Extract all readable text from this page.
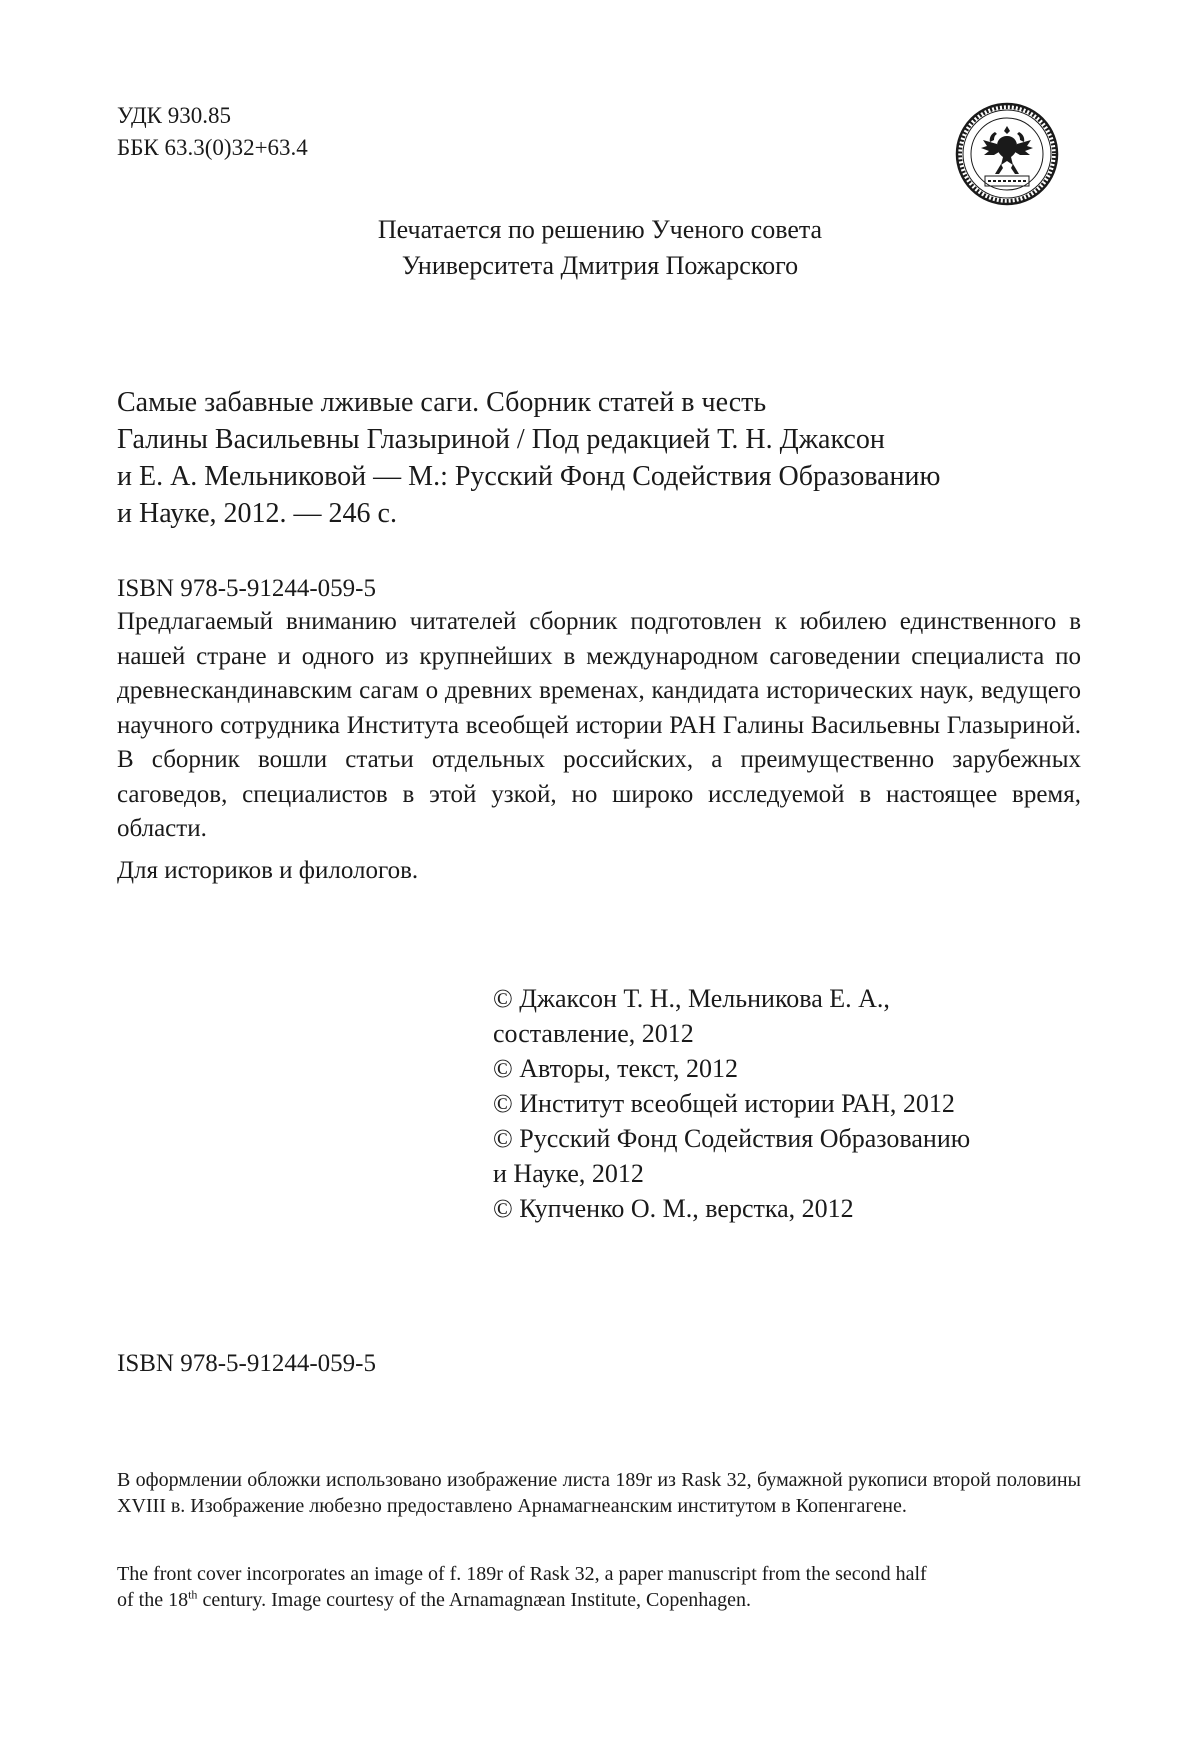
УДК 930.85
ББК 63.3(0)32+63.4
Печатается по решению Ученого совета
Университета Дмитрия Пожарского
Самые забавные лживые саги. Сборник статей в честь
Галины Васильевны Глазыриной / Под редакцией Т. Н. Джаксон
и Е. А. Мельниковой — М.: Русский Фонд Содействия Образованию
и Науке, 2012. — 246 с.
ISBN 978-5-91244-059-5
Предлагаемый вниманию читателей сборник подготовлен к юбилею единственного в нашей стране и одного из крупнейших в международном саговедении специалиста по древнескандинавским сагам о древних временах, кандидата исторических наук, ведущего научного сотрудника Института всеобщей истории РАН Галины Васильевны Глазыриной. В сборник вошли статьи отдельных российских, а преимущественно зарубежных саговедов, специалистов в этой узкой, но широко исследуемой в настоящее время, области.
Для историков и филологов.
© Джаксон Т. Н., Мельникова Е. А.,
составление, 2012
© Авторы, текст, 2012
© Институт всеобщей истории РАН, 2012
© Русский Фонд Содействия Образованию
и Науке, 2012
© Купченко О. М., верстка, 2012
ISBN 978-5-91244-059-5
В оформлении обложки использовано изображение листа 189r из Rask 32, бумажной рукописи второй половины XVIII в. Изображение любезно предоставлено Арнамагнеанским институтом в Копенгагене.
The front cover incorporates an image of f. 189r of Rask 32, a paper manuscript from the second half
of the 18th century. Image courtesy of the Arnamagnæan Institute, Copenhagen.
